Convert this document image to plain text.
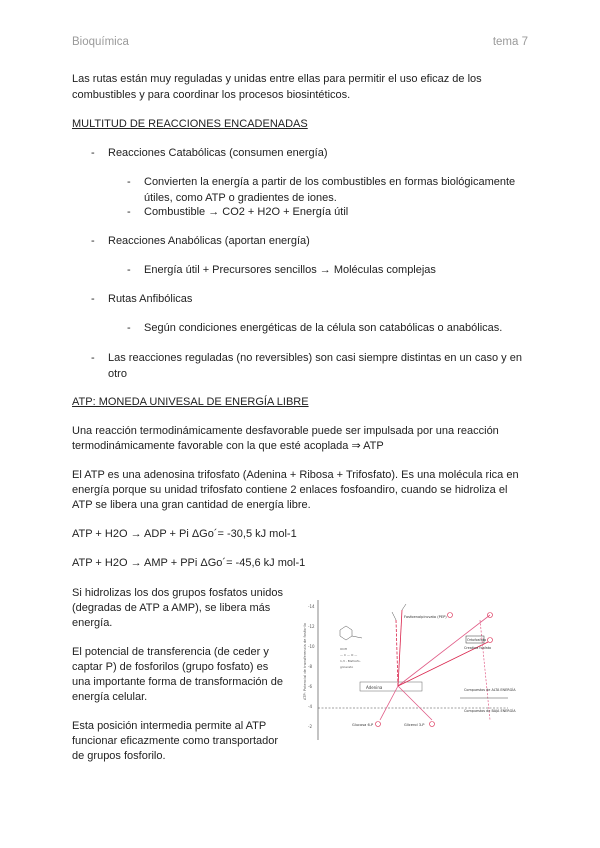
Bioquímica	tema 7
Las rutas están muy reguladas y unidas entre ellas para permitir el uso eficaz de los
combustibles y para coordinar los procesos biosintéticos.
MULTITUD DE REACCIONES ENCADENADAS
- Reacciones Catabólicas (consumen energía)
- Convierten la energía a partir de los combustibles en formas biológicamente
útiles, como ATP o gradientes de iones.
- Combustible → CO2 + H2O + Energía útil
- Reacciones Anabólicas (aportan energía)
- Energía útil + Precursores sencillos → Moléculas complejas
- Rutas Anfibólicas
- Según condiciones energéticas de la célula son catabólicas o anabólicas.
- Las reacciones reguladas (no reversibles) son casi siempre distintas en un caso y en
otro
ATP: MONEDA UNIVESAL DE ENERGÍA LIBRE
Una reacción termodinámicamente desfavorable puede ser impulsada por una reacción
termodinámicamente favorable con la que esté acoplada ⇒ ATP
El ATP es una adenosina trifosfato (Adenina + Ribosa + Trifosfato). Es una molécula rica en
energía porque su unidad trifosfato contiene 2 enlaces fosfoandiro, cuando se hidroliza el
ATP se libera una gran cantidad de energía libre.
ATP + H2O → ADP + Pi ΔGo´= -30,5 kJ mol-1
ATP + H2O → AMP + PPi ΔGo´= -45,6 kJ mol-1
Si hidrolizas los dos grupos fosfatos unidos
(degradas de ATP a AMP), se libera más
energía.
El potencial de transferencia (de ceder y
captar P) de fosforilos (grupo fosfato) es
una importante forma de transformación de
energía celular.
Esta posición intermedia permite al ATP
funcionar eficazmente como transportador
de grupos fosforilo.
ATP: Potencial de transferencia de fosforilo
-14
-12
-10
-8
-6
-4
-2
Adenina
Fosfoenolpiruvato (PEP)
Ortofosfato
Creatina fosfato
Compuestos de ALTA ENERGÍA
Compuestos de BAJA ENERGÍA
Glucosa 6-P	Glicerol 3-P
OOH
— C — O —
1,3 - Bisfosfo-
glicerato
